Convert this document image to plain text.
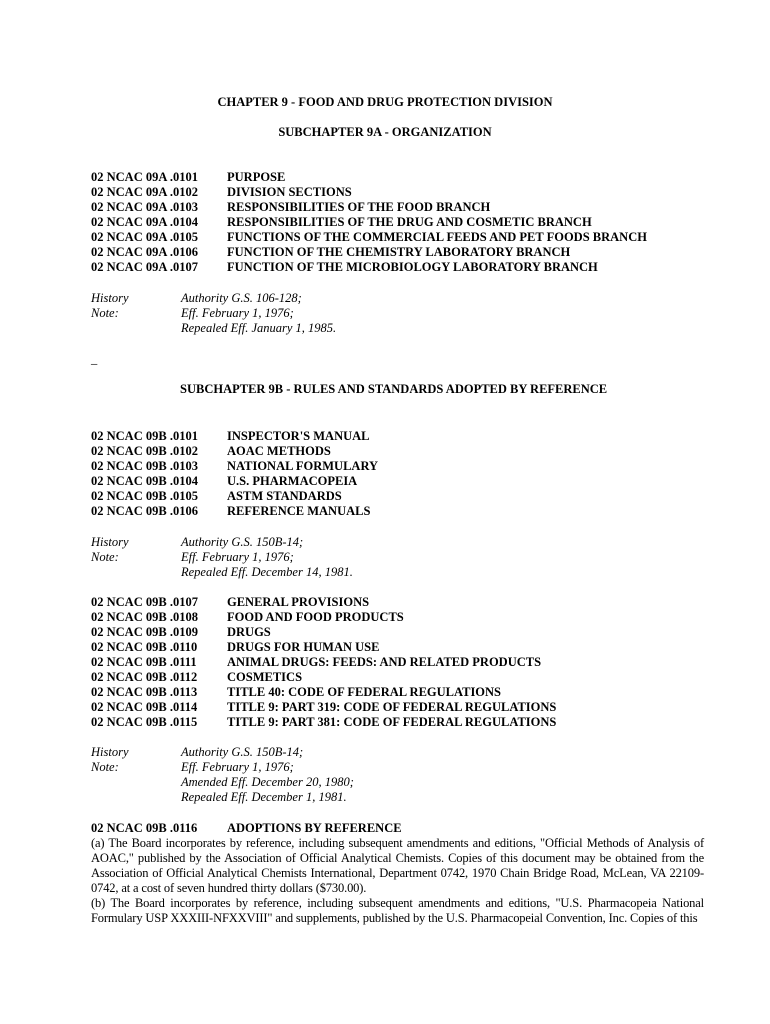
CHAPTER 9 - FOOD AND DRUG PROTECTION DIVISION
SUBCHAPTER 9A - ORGANIZATION
02 NCAC 09A .0101 PURPOSE
02 NCAC 09A .0102 DIVISION SECTIONS
02 NCAC 09A .0103 RESPONSIBILITIES OF THE FOOD BRANCH
02 NCAC 09A .0104 RESPONSIBILITIES OF THE DRUG AND COSMETIC BRANCH
02 NCAC 09A .0105 FUNCTIONS OF THE COMMERCIAL FEEDS AND PET FOODS BRANCH
02 NCAC 09A .0106 FUNCTION OF THE CHEMISTRY LABORATORY BRANCH
02 NCAC 09A .0107 FUNCTION OF THE MICROBIOLOGY LABORATORY BRANCH
History Note:
Authority G.S. 106-128;
Eff. February 1, 1976;
Repealed Eff. January 1, 1985.
_
SUBCHAPTER 9B - RULES AND STANDARDS ADOPTED BY REFERENCE
02 NCAC 09B .0101 INSPECTOR'S MANUAL
02 NCAC 09B .0102 AOAC METHODS
02 NCAC 09B .0103 NATIONAL FORMULARY
02 NCAC 09B .0104 U.S. PHARMACOPEIA
02 NCAC 09B .0105 ASTM STANDARDS
02 NCAC 09B .0106 REFERENCE MANUALS
History Note:
Authority G.S. 150B-14;
Eff. February 1, 1976;
Repealed Eff. December 14, 1981.
02 NCAC 09B .0107 GENERAL PROVISIONS
02 NCAC 09B .0108 FOOD AND FOOD PRODUCTS
02 NCAC 09B .0109 DRUGS
02 NCAC 09B .0110 DRUGS FOR HUMAN USE
02 NCAC 09B .0111 ANIMAL DRUGS: FEEDS: AND RELATED PRODUCTS
02 NCAC 09B .0112 COSMETICS
02 NCAC 09B .0113 TITLE 40: CODE OF FEDERAL REGULATIONS
02 NCAC 09B .0114 TITLE 9: PART 319: CODE OF FEDERAL REGULATIONS
02 NCAC 09B .0115 TITLE 9: PART 381: CODE OF FEDERAL REGULATIONS
History Note:
Authority G.S. 150B-14;
Eff. February 1, 1976;
Amended Eff. December 20, 1980;
Repealed Eff. December 1, 1981.
02 NCAC 09B .0116 ADOPTIONS BY REFERENCE
(a) The Board incorporates by reference, including subsequent amendments and editions, "Official Methods of Analysis of AOAC," published by the Association of Official Analytical Chemists. Copies of this document may be obtained from the Association of Official Analytical Chemists International, Department 0742, 1970 Chain Bridge Road, McLean, VA 22109-0742, at a cost of seven hundred thirty dollars ($730.00).
(b) The Board incorporates by reference, including subsequent amendments and editions, "U.S. Pharmacopeia National Formulary USP XXXIII-NFXXVIII" and supplements, published by the U.S. Pharmacopeial Convention, Inc. Copies of this
